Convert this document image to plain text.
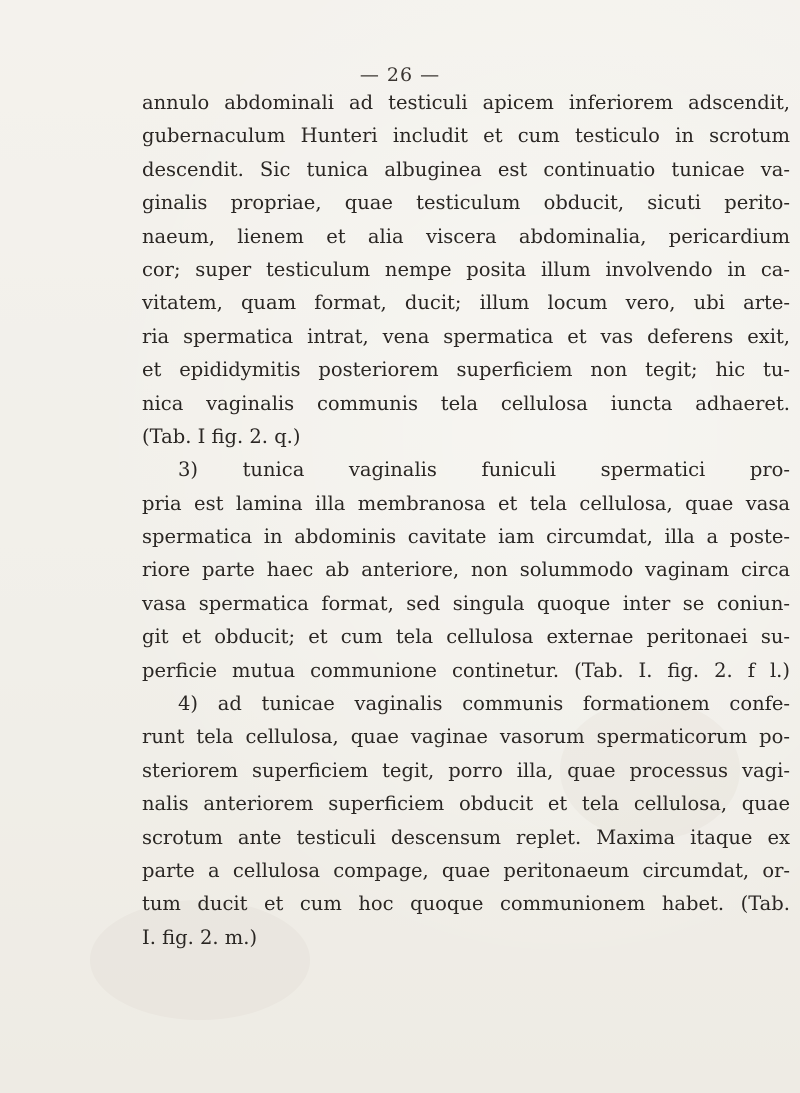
— 26 —
annulo abdominali ad testiculi apicem inferiorem adscendit,
gubernaculum Hunteri includit et cum testiculo in scrotum
descendit. Sic tunica albuginea est continuatio tunicae va-
ginalis propriae, quae testiculum obducit, sicuti perito-
naeum, lienem et alia viscera abdominalia, pericardium
cor; super testiculum nempe posita illum involvendo in ca-
vitatem, quam format, ducit; illum locum vero, ubi arte-
ria spermatica intrat, vena spermatica et vas deferens exit,
et epididymitis posteriorem superficiem non tegit; hic tu-
nica vaginalis communis tela cellulosa iuncta adhaeret.
(Tab. I fig. 2. q.)
3) tunica vaginalis funiculi spermatici pro-
pria est lamina illa membranosa et tela cellulosa, quae vasa
spermatica in abdominis cavitate iam circumdat, illa a poste-
riore parte haec ab anteriore, non solummodo vaginam circa
vasa spermatica format, sed singula quoque inter se coniun-
git et obducit; et cum tela cellulosa externae peritonaei su-
perficie mutua communione continetur. (Tab. I. fig. 2. f l.)
4) ad tunicae vaginalis communis formationem confe-
runt tela cellulosa, quae vaginae vasorum spermaticorum po-
steriorem superficiem tegit, porro illa, quae processus vagi-
nalis anteriorem superficiem obducit et tela cellulosa, quae
scrotum ante testiculi descensum replet. Maxima itaque ex
parte a cellulosa compage, quae peritonaeum circumdat, or-
tum ducit et cum hoc quoque communionem habet. (Tab.
I. fig. 2. m.)
